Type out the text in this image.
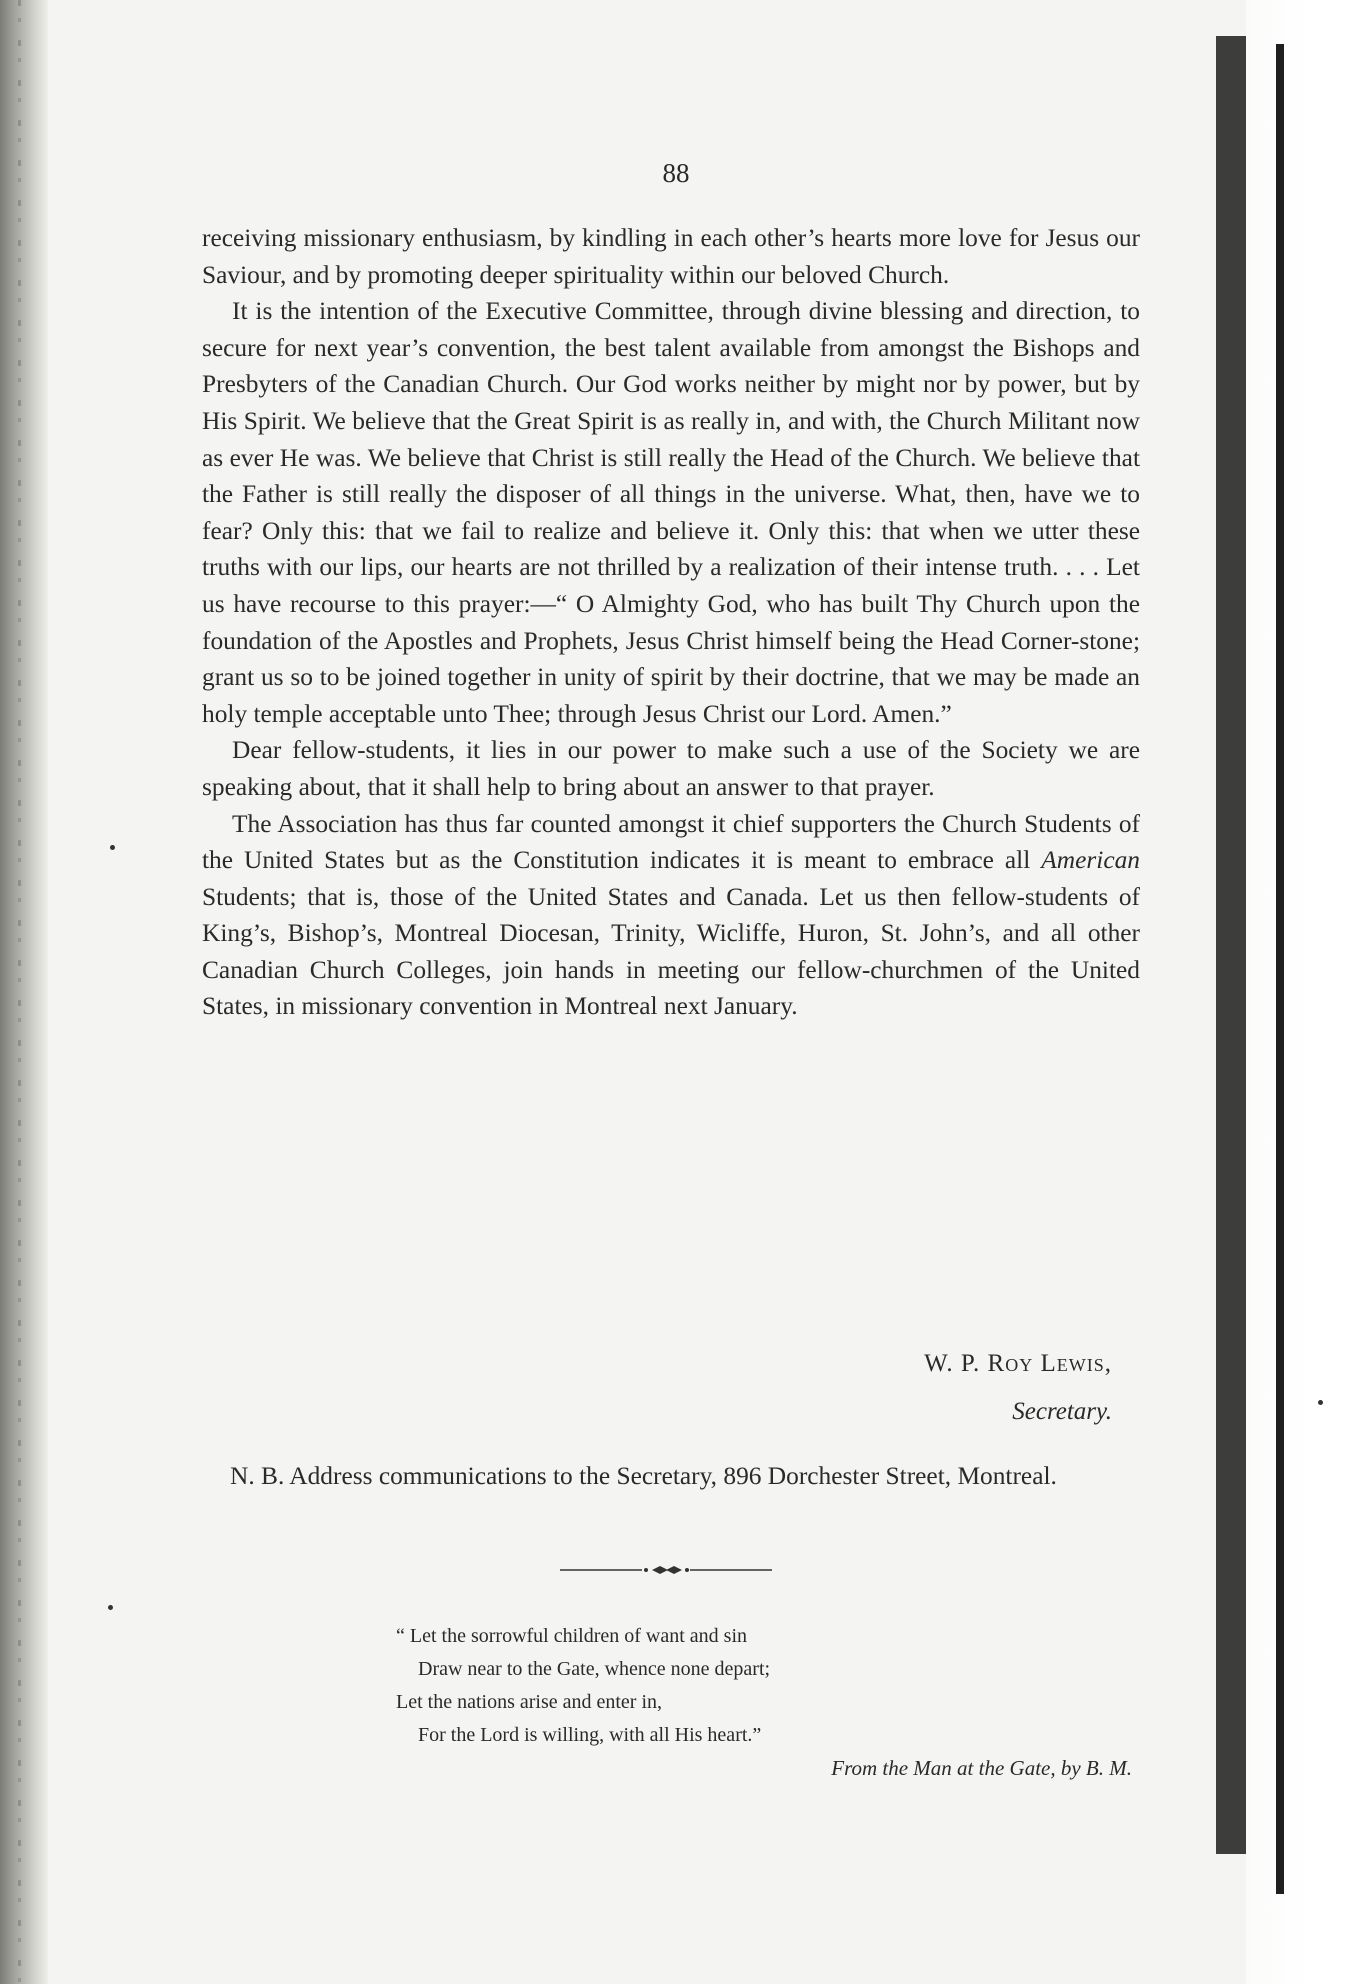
88

receiving missionary enthusiasm, by kindling in each other’s hearts more love for Jesus our Saviour, and by promoting deeper spirituality within our beloved Church.

It is the intention of the Executive Committee, through divine blessing and direction, to secure for next year’s convention, the best talent available from amongst the Bishops and Presbyters of the Canadian Church. Our God works neither by might nor by power, but by His Spirit. We believe that the Great Spirit is as really in, and with, the Church Militant now as ever He was. We believe that Christ is still really the Head of the Church. We believe that the Father is still really the disposer of all things in the universe. What, then, have we to fear? Only this: that we fail to realize and believe it. Only this: that when we utter these truths with our lips, our hearts are not thrilled by a realization of their intense truth. . . . Let us have recourse to this prayer:—“ O Almighty God, who has built Thy Church upon the foundation of the Apostles and Prophets, Jesus Christ himself being the Head Corner-stone; grant us so to be joined together in unity of spirit by their doctrine, that we may be made an holy temple acceptable unto Thee; through Jesus Christ our Lord. Amen.”

Dear fellow-students, it lies in our power to make such a use of the Society we are speaking about, that it shall help to bring about an answer to that prayer.

The Association has thus far counted amongst it chief supporters the Church Students of the United States but as the Constitution indicates it is meant to embrace all American Students; that is, those of the United States and Canada. Let us then fellow-students of King’s, Bishop’s, Montreal Diocesan, Trinity, Wicliffe, Huron, St. John’s, and all other Canadian Church Colleges, join hands in meeting our fellow-churchmen of the United States, in missionary convention in Montreal next January.

W. P. Roy Lewis,
Secretary.
N. B. Address communications to the Secretary, 896 Dorchester Street, Montreal.
“ Let the sorrowful children of want and sin
Draw near to the Gate, whence none depart;
Let the nations arise and enter in,
For the Lord is willing, with all His heart.”
From the Man at the Gate, by B. M.
